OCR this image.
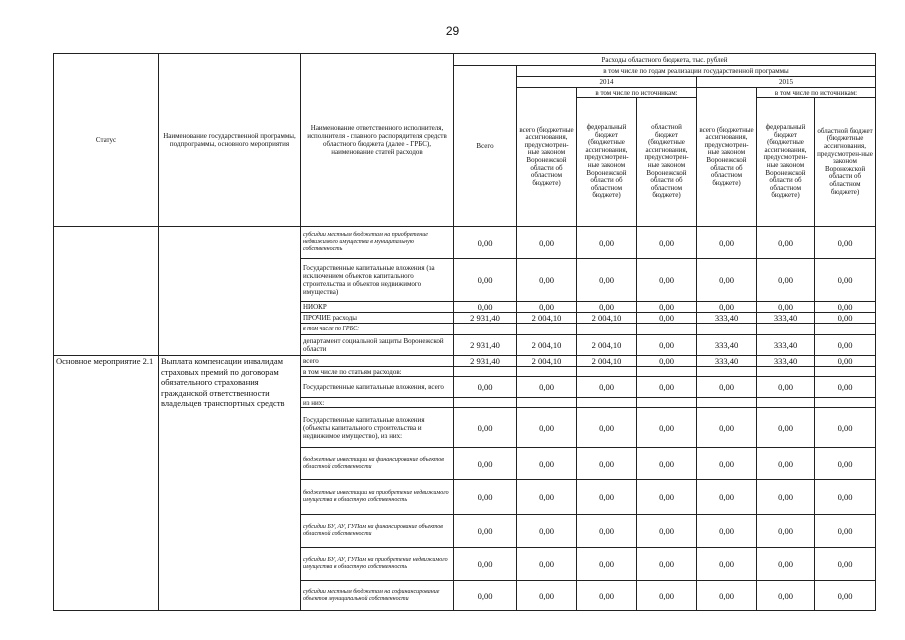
29
Статус	Наименование государственной программы, подпрограммы, основного мероприятия	Наименование ответственного исполнителя, исполнителя - главного распорядителя средств областного бюджета (далее - ГРБС), наименование статей расходов	Расходы областного бюджета, тыс. рублей						
			Всего	в том числе по годам реализации государственной программы					
				2014			2015		
				всего (бюджетные ассигнования, предусмотрен-ные законом Воронежской области об областном бюджете)	в том числе по источникам:		всего (бюджетные ассигнования, предусмотрен-ные законом Воронежской области об областном бюджете)	в том числе по источникам:	
					федеральный бюджет (бюджетные ассигнования, предусмотрен-ные законом Воронежской области об областном бюджете)	областной бюджет (бюджетные ассигнования, предусмотрен-ные законом Воронежской области об областном бюджете)		федеральный бюджет (бюджетные ассигнования, предусмотрен-ные законом Воронежской области об областном бюджете)	областной бюджет (бюджетные ассигнования, предусмотрен-ные законом Воронежской области об областном бюджете)
		субсидии местным бюджетам на приобретение недвижимого имущества в муниципальную собственность	0,00	0,00	0,00	0,00	0,00	0,00	0,00
		Государственные капитальные вложения (за исключением объектов капитального строительства и объектов недвижимого имущества)	0,00	0,00	0,00	0,00	0,00	0,00	0,00
		НИОКР	0,00	0,00	0,00	0,00	0,00	0,00	0,00
		ПРОЧИЕ расходы	2 931,40	2 004,10	2 004,10	0,00	333,40	333,40	0,00
		в том числе по ГРБС:							
		департамент социальной защиты Воронежской области	2 931,40	2 004,10	2 004,10	0,00	333,40	333,40	0,00
Основное мероприятие 2.1	Выплата компенсации инвалидам страховых премий по договорам обязательного страхования гражданской ответственности владельцев транспортных средств	всего	2 931,40	2 004,10	2 004,10	0,00	333,40	333,40	0,00
		в том числе по статьям расходов:							
		Государственные капитальные вложения, всего	0,00	0,00	0,00	0,00	0,00	0,00	0,00
		из них:							
		Государственные капитальные вложения (объекты капитального строительства и недвижимое имущество), из них:	0,00	0,00	0,00	0,00	0,00	0,00	0,00
		бюджетные инвестиции на финансирование объектов областной собственности	0,00	0,00	0,00	0,00	0,00	0,00	0,00
		бюджетные инвестиции на приобретение недвижимого имущества в областную собственность	0,00	0,00	0,00	0,00	0,00	0,00	0,00
		субсидии БУ, АУ, ГУПам на финансирование объектов областной собственности	0,00	0,00	0,00	0,00	0,00	0,00	0,00
		субсидии БУ, АУ, ГУПам на приобретение недвижимого имущества в областную собственность	0,00	0,00	0,00	0,00	0,00	0,00	0,00
		субсидии местным бюджетам на софинансирование объектов муниципальной собственности	0,00	0,00	0,00	0,00	0,00	0,00	0,00
